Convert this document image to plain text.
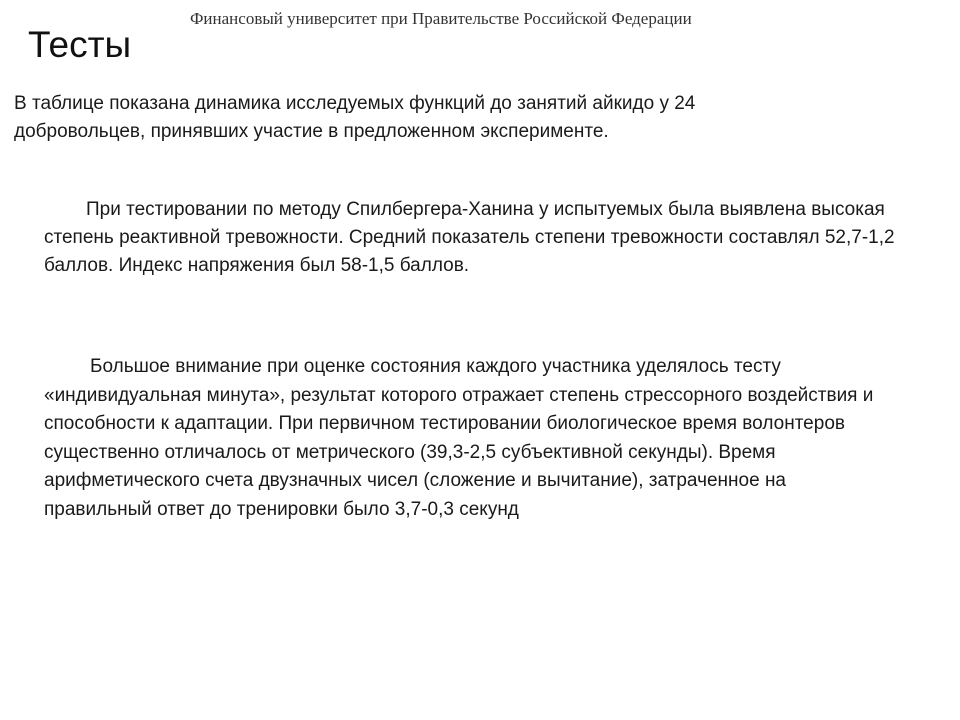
Финансовый университет при Правительстве Российской Федерации
Тесты

В таблице показана динамика исследуемых функций до занятий айкидо у 24 добровольцев, принявших участие в предложенном эксперименте.

При тестировании по методу Спилбергера-Ханина у испытуемых была выявлена высокая степень реактивной тревожности. Средний показатель степени тревожности составлял 52,7-1,2 баллов. Индекс напряжения был 58-1,5 баллов.

Большое внимание при оценке состояния каждого участника уделялось тесту «индивидуальная минута», результат которого отражает степень стрессорного воздействия и способности к адаптации. При первичном тестировании биологическое время волонтеров существенно отличалось от метрического (39,3-2,5 субъективной секунды). Время арифметического счета двузначных чисел (сложение и вычитание), затраченное на правильный ответ до тренировки было 3,7-0,3 секунд
